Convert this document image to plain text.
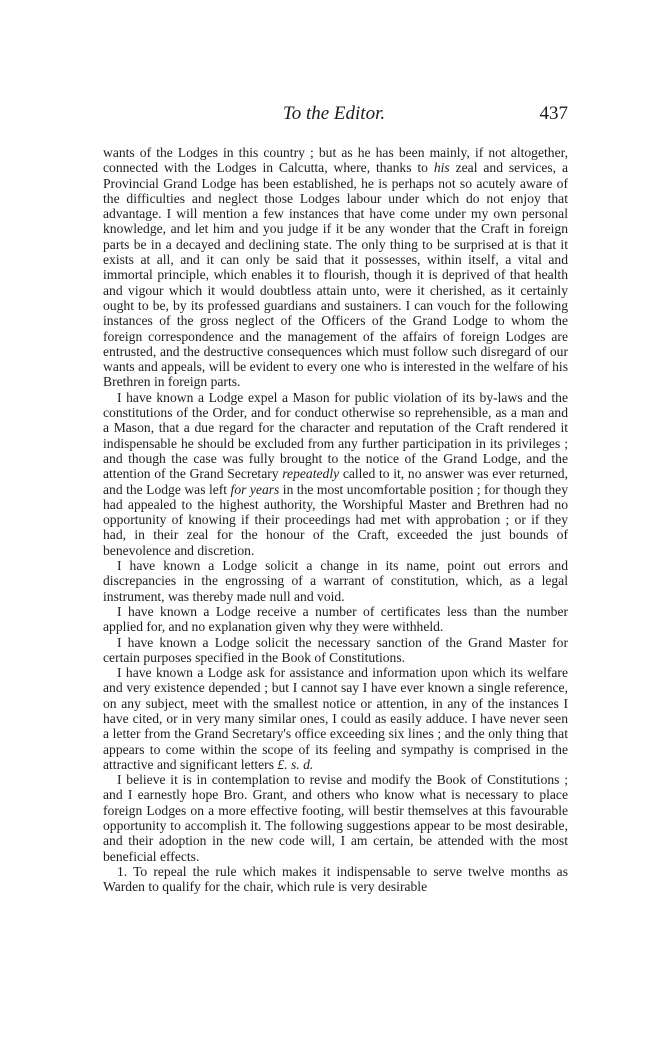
To the Editor.	437

wants of the Lodges in this country ; but as he has been mainly, if not altogether, connected with the Lodges in Calcutta, where, thanks to his zeal and services, a Provincial Grand Lodge has been established, he is perhaps not so acutely aware of the difficulties and neglect those Lodges labour under which do not enjoy that advantage. I will mention a few instances that have come under my own personal knowledge, and let him and you judge if it be any wonder that the Craft in foreign parts be in a decayed and declining state. The only thing to be surprised at is that it exists at all, and it can only be said that it possesses, within itself, a vital and immortal principle, which enables it to flourish, though it is deprived of that health and vigour which it would doubtless attain unto, were it cherished, as it certainly ought to be, by its professed guardians and sustainers. I can vouch for the following instances of the gross neglect of the Officers of the Grand Lodge to whom the foreign correspondence and the management of the affairs of foreign Lodges are entrusted, and the destructive consequences which must follow such disregard of our wants and appeals, will be evident to every one who is interested in the welfare of his Brethren in foreign parts.

I have known a Lodge expel a Mason for public violation of its by-laws and the constitutions of the Order, and for conduct otherwise so reprehensible, as a man and a Mason, that a due regard for the character and reputation of the Craft rendered it indispensable he should be excluded from any further participation in its privileges ; and though the case was fully brought to the notice of the Grand Lodge, and the attention of the Grand Secretary repeatedly called to it, no answer was ever returned, and the Lodge was left for years in the most uncomfortable position ; for though they had appealed to the highest authority, the Worshipful Master and Brethren had no opportunity of knowing if their proceedings had met with approbation ; or if they had, in their zeal for the honour of the Craft, exceeded the just bounds of benevolence and discretion.

I have known a Lodge solicit a change in its name, point out errors and discrepancies in the engrossing of a warrant of constitution, which, as a legal instrument, was thereby made null and void.

I have known a Lodge receive a number of certificates less than the number applied for, and no explanation given why they were withheld.

I have known a Lodge solicit the necessary sanction of the Grand Master for certain purposes specified in the Book of Constitutions.

I have known a Lodge ask for assistance and information upon which its welfare and very existence depended ; but I cannot say I have ever known a single reference, on any subject, meet with the smallest notice or attention, in any of the instances I have cited, or in very many similar ones, I could as easily adduce. I have never seen a letter from the Grand Secretary's office exceeding six lines ; and the only thing that appears to come within the scope of its feeling and sympathy is comprised in the attractive and significant letters £. s. d.

I believe it is in contemplation to revise and modify the Book of Constitutions ; and I earnestly hope Bro. Grant, and others who know what is necessary to place foreign Lodges on a more effective footing, will bestir themselves at this favourable opportunity to accomplish it. The following suggestions appear to be most desirable, and their adoption in the new code will, I am certain, be attended with the most beneficial effects.

1. To repeal the rule which makes it indispensable to serve twelve months as Warden to qualify for the chair, which rule is very desirable
